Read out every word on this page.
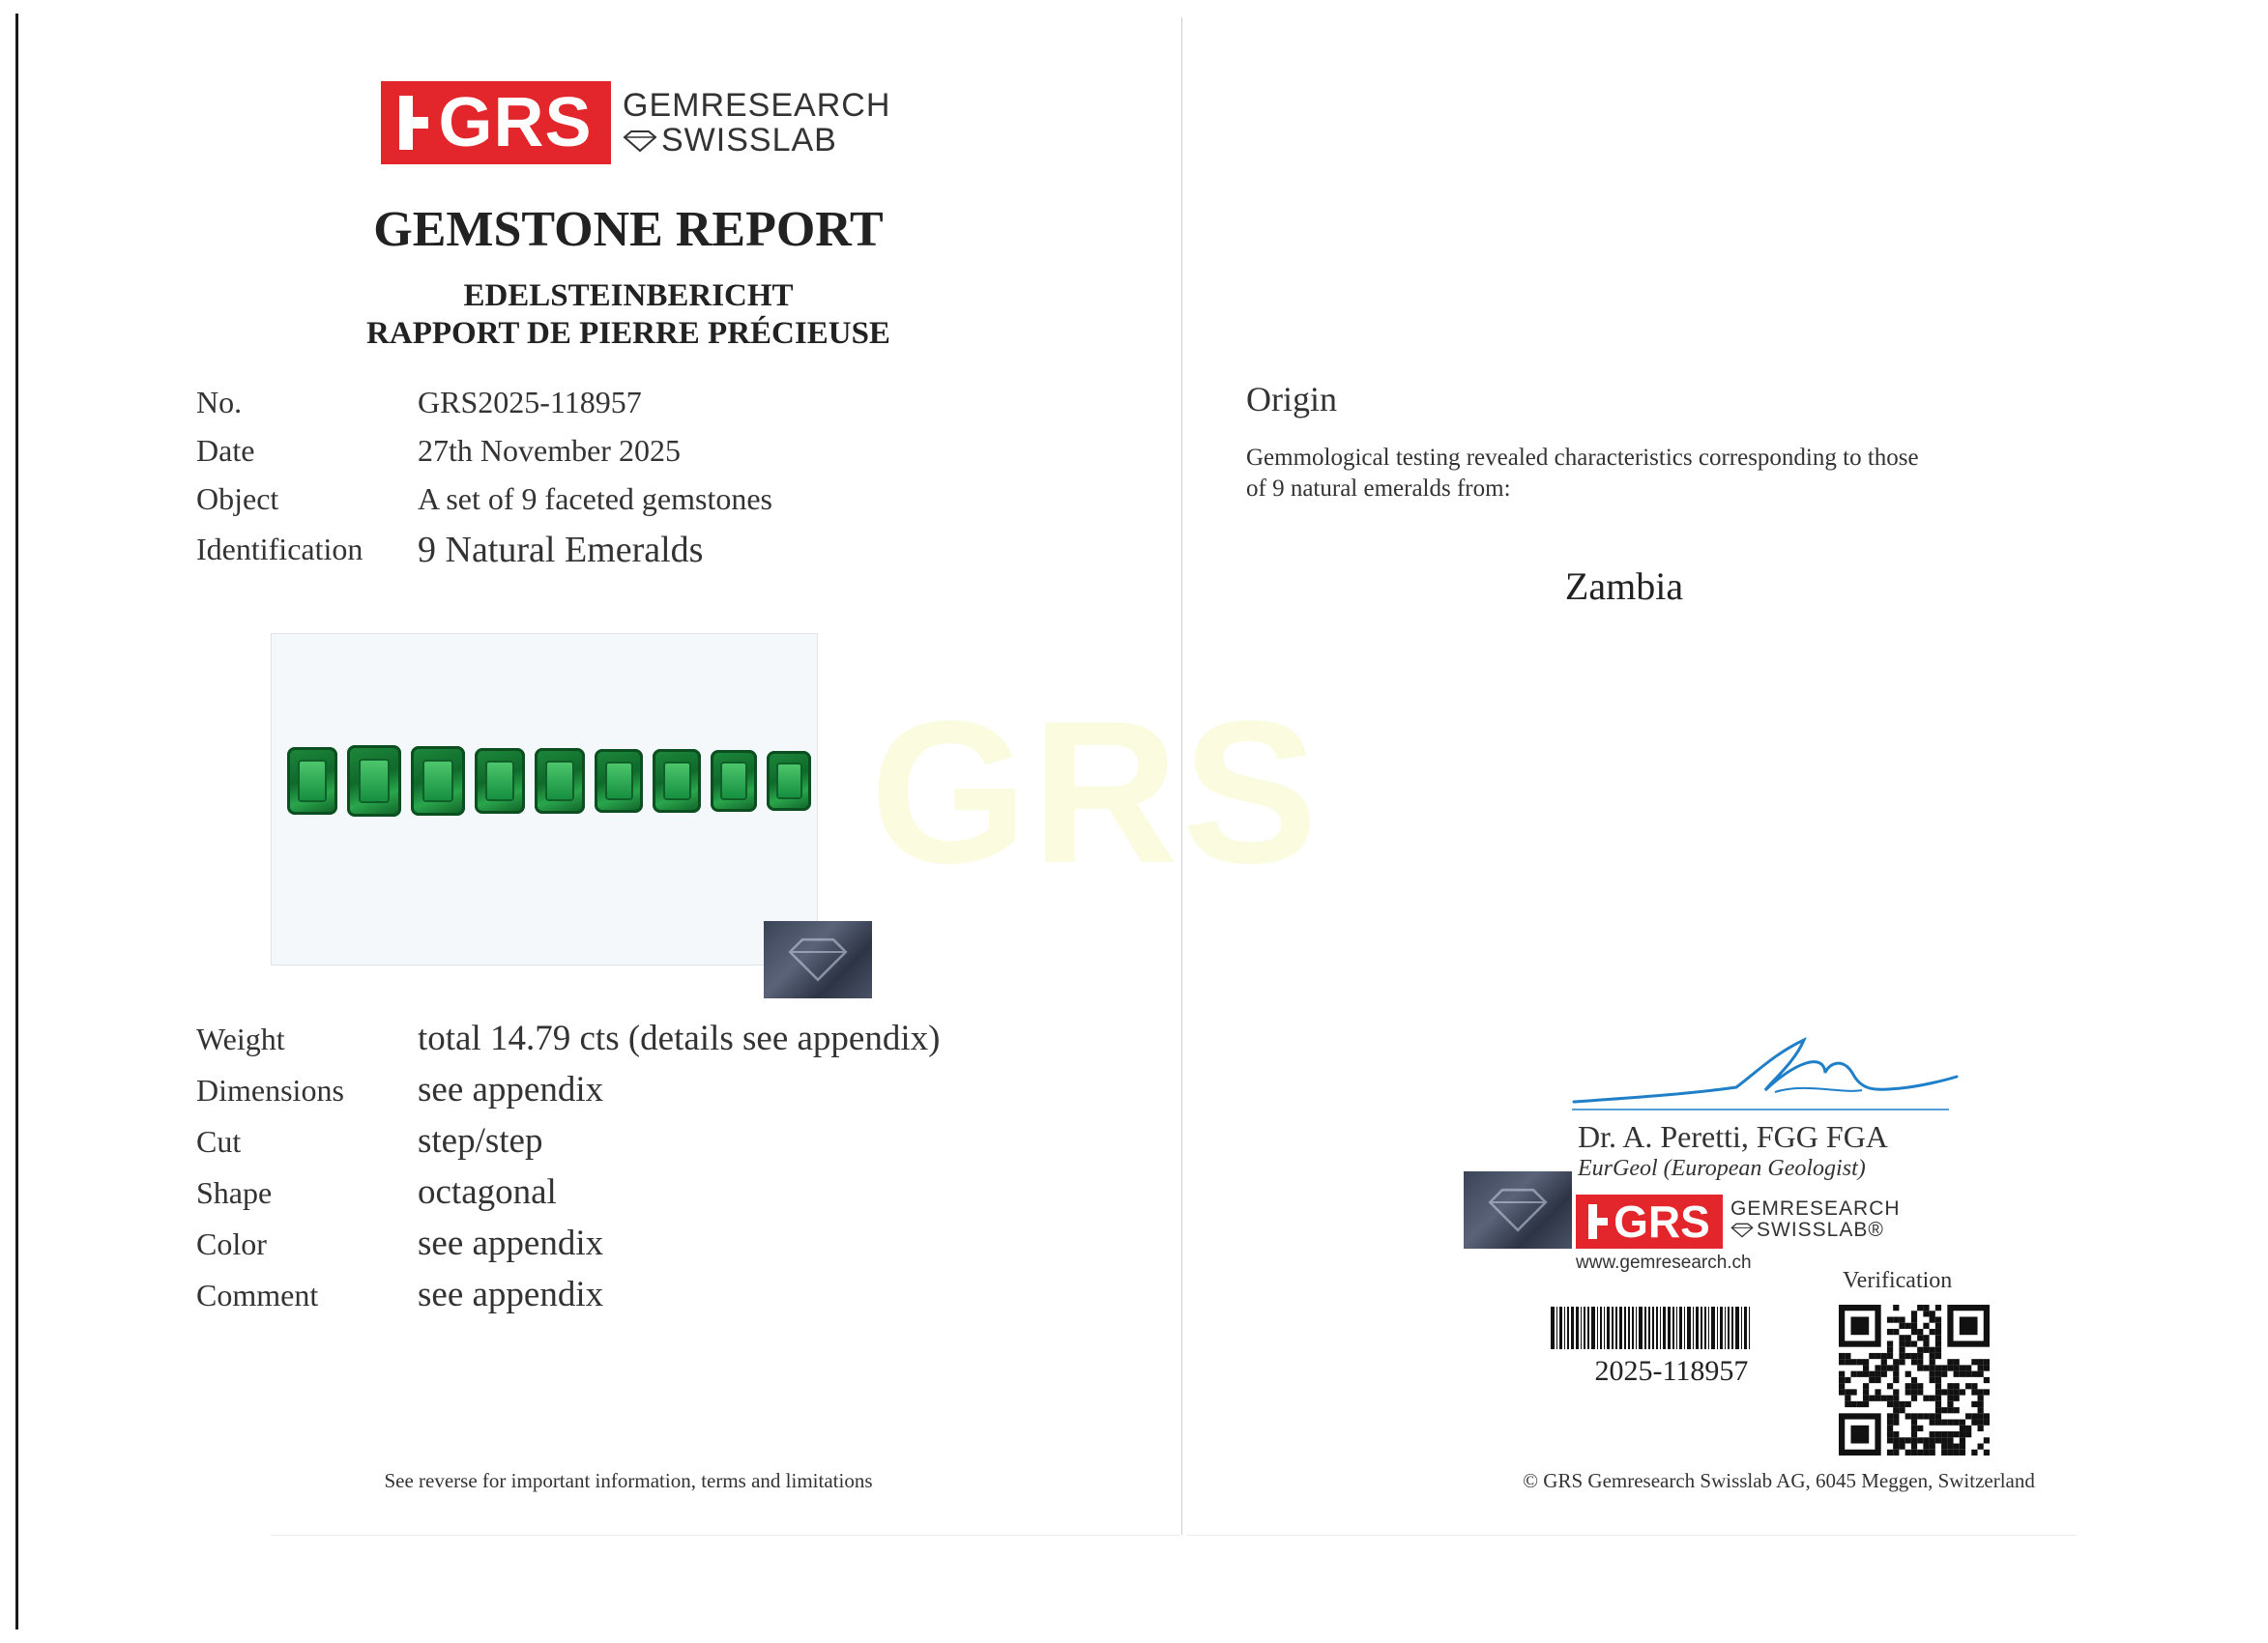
GRS GEMRESEARCH
SWISSLAB
GEMSTONE REPORT
EDELSTEINBERICHT
RAPPORT DE PIERRE PRÉCIEUSE
No.	GRS2025-118957
Date	27th November 2025
Object	A set of 9 faceted gemstones
Identification 9 Natural Emeralds
Weight	total 14.79 cts (details see appendix)
Dimensions see appendix
Cut	step/step
Shape	octagonal
Color	see appendix
Comment	see appendix
See reverse for important information, terms and limitations
GRS
Origin
Gemmological testing revealed characteristics corresponding to those
of 9 natural emeralds from:
Zambia
Dr. A. Peretti, FGG FGA
EurGeol (European Geologist)
GRS GEMRESEARCH
SWISSLAB®
www.gemresearch.ch
Verification
2025-118957
© GRS Gemresearch Swisslab AG, 6045 Meggen, Switzerland
